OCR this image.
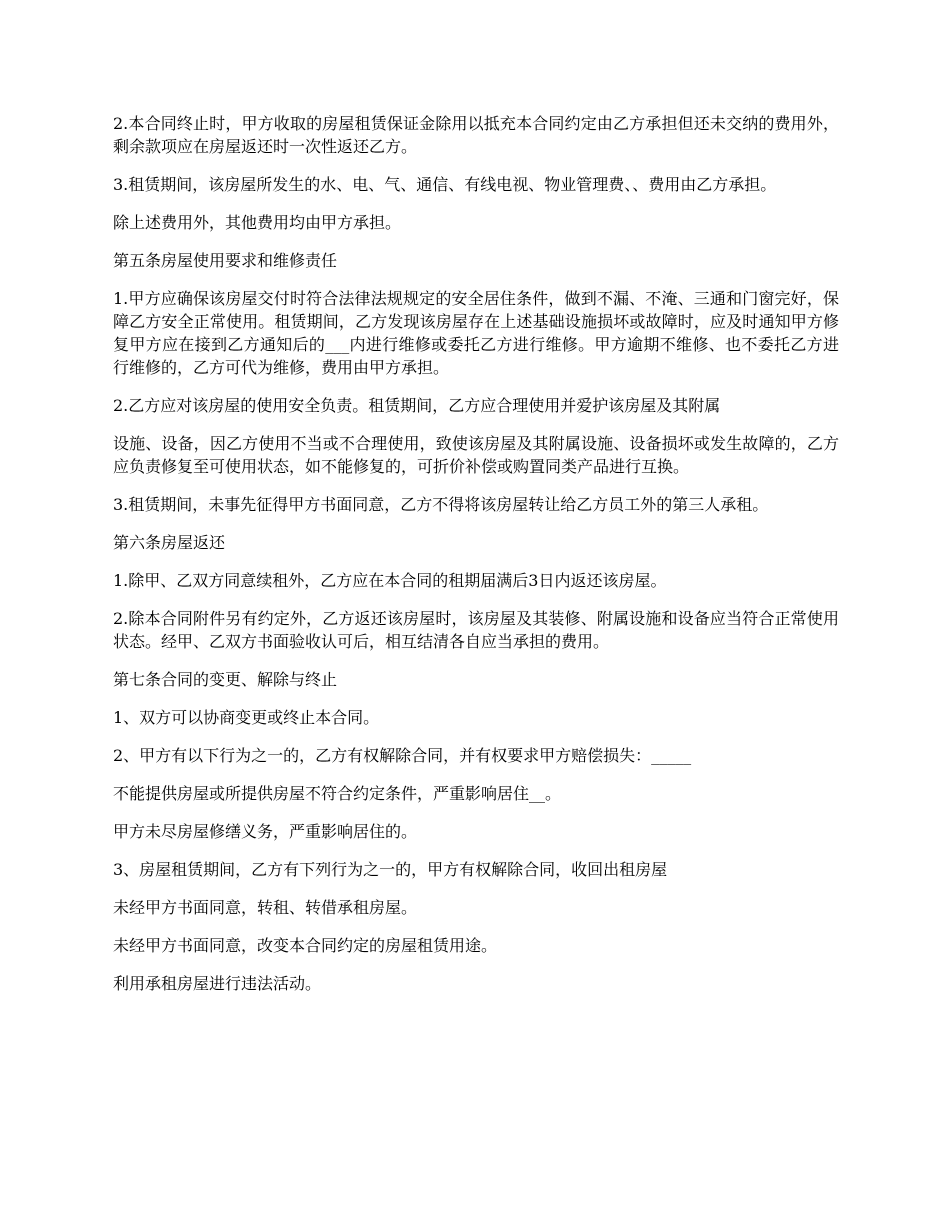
2.本合同终止时，甲方收取的房屋租赁保证金除用以抵充本合同约定由乙方承担但还未交纳的费用外，剩余款项应在房屋返还时一次性返还乙方。

3.租赁期间，该房屋所发生的水、电、气、通信、有线电视、物业管理费、、费用由乙方承担。

除上述费用外，其他费用均由甲方承担。

第五条房屋使用要求和维修责任

1.甲方应确保该房屋交付时符合法律法规规定的安全居住条件，做到不漏、不淹、三通和门窗完好，保障乙方安全正常使用。租赁期间，乙方发现该房屋存在上述基础设施损坏或故障时，应及时通知甲方修复甲方应在接到乙方通知后的___内进行维修或委托乙方进行维修。甲方逾期不维修、也不委托乙方进行维修的，乙方可代为维修，费用由甲方承担。

2.乙方应对该房屋的使用安全负责。租赁期间，乙方应合理使用并爱护该房屋及其附属

设施、设备，因乙方使用不当或不合理使用，致使该房屋及其附属设施、设备损坏或发生故障的，乙方应负责修复至可使用状态，如不能修复的，可折价补偿或购置同类产品进行互换。

3.租赁期间，未事先征得甲方书面同意，乙方不得将该房屋转让给乙方员工外的第三人承租。

第六条房屋返还

1.除甲、乙双方同意续租外，乙方应在本合同的租期届满后3日内返还该房屋。

2.除本合同附件另有约定外，乙方返还该房屋时，该房屋及其装修、附属设施和设备应当符合正常使用状态。经甲、乙双方书面验收认可后，相互结清各自应当承担的费用。

第七条合同的变更、解除与终止

1、双方可以协商变更或终止本合同。

2、甲方有以下行为之一的，乙方有权解除合同，并有权要求甲方赔偿损失：_____

不能提供房屋或所提供房屋不符合约定条件，严重影响居住__。

甲方未尽房屋修缮义务，严重影响居住的。

3、房屋租赁期间，乙方有下列行为之一的，甲方有权解除合同，收回出租房屋

未经甲方书面同意，转租、转借承租房屋。

未经甲方书面同意，改变本合同约定的房屋租赁用途。

利用承租房屋进行违法活动。
